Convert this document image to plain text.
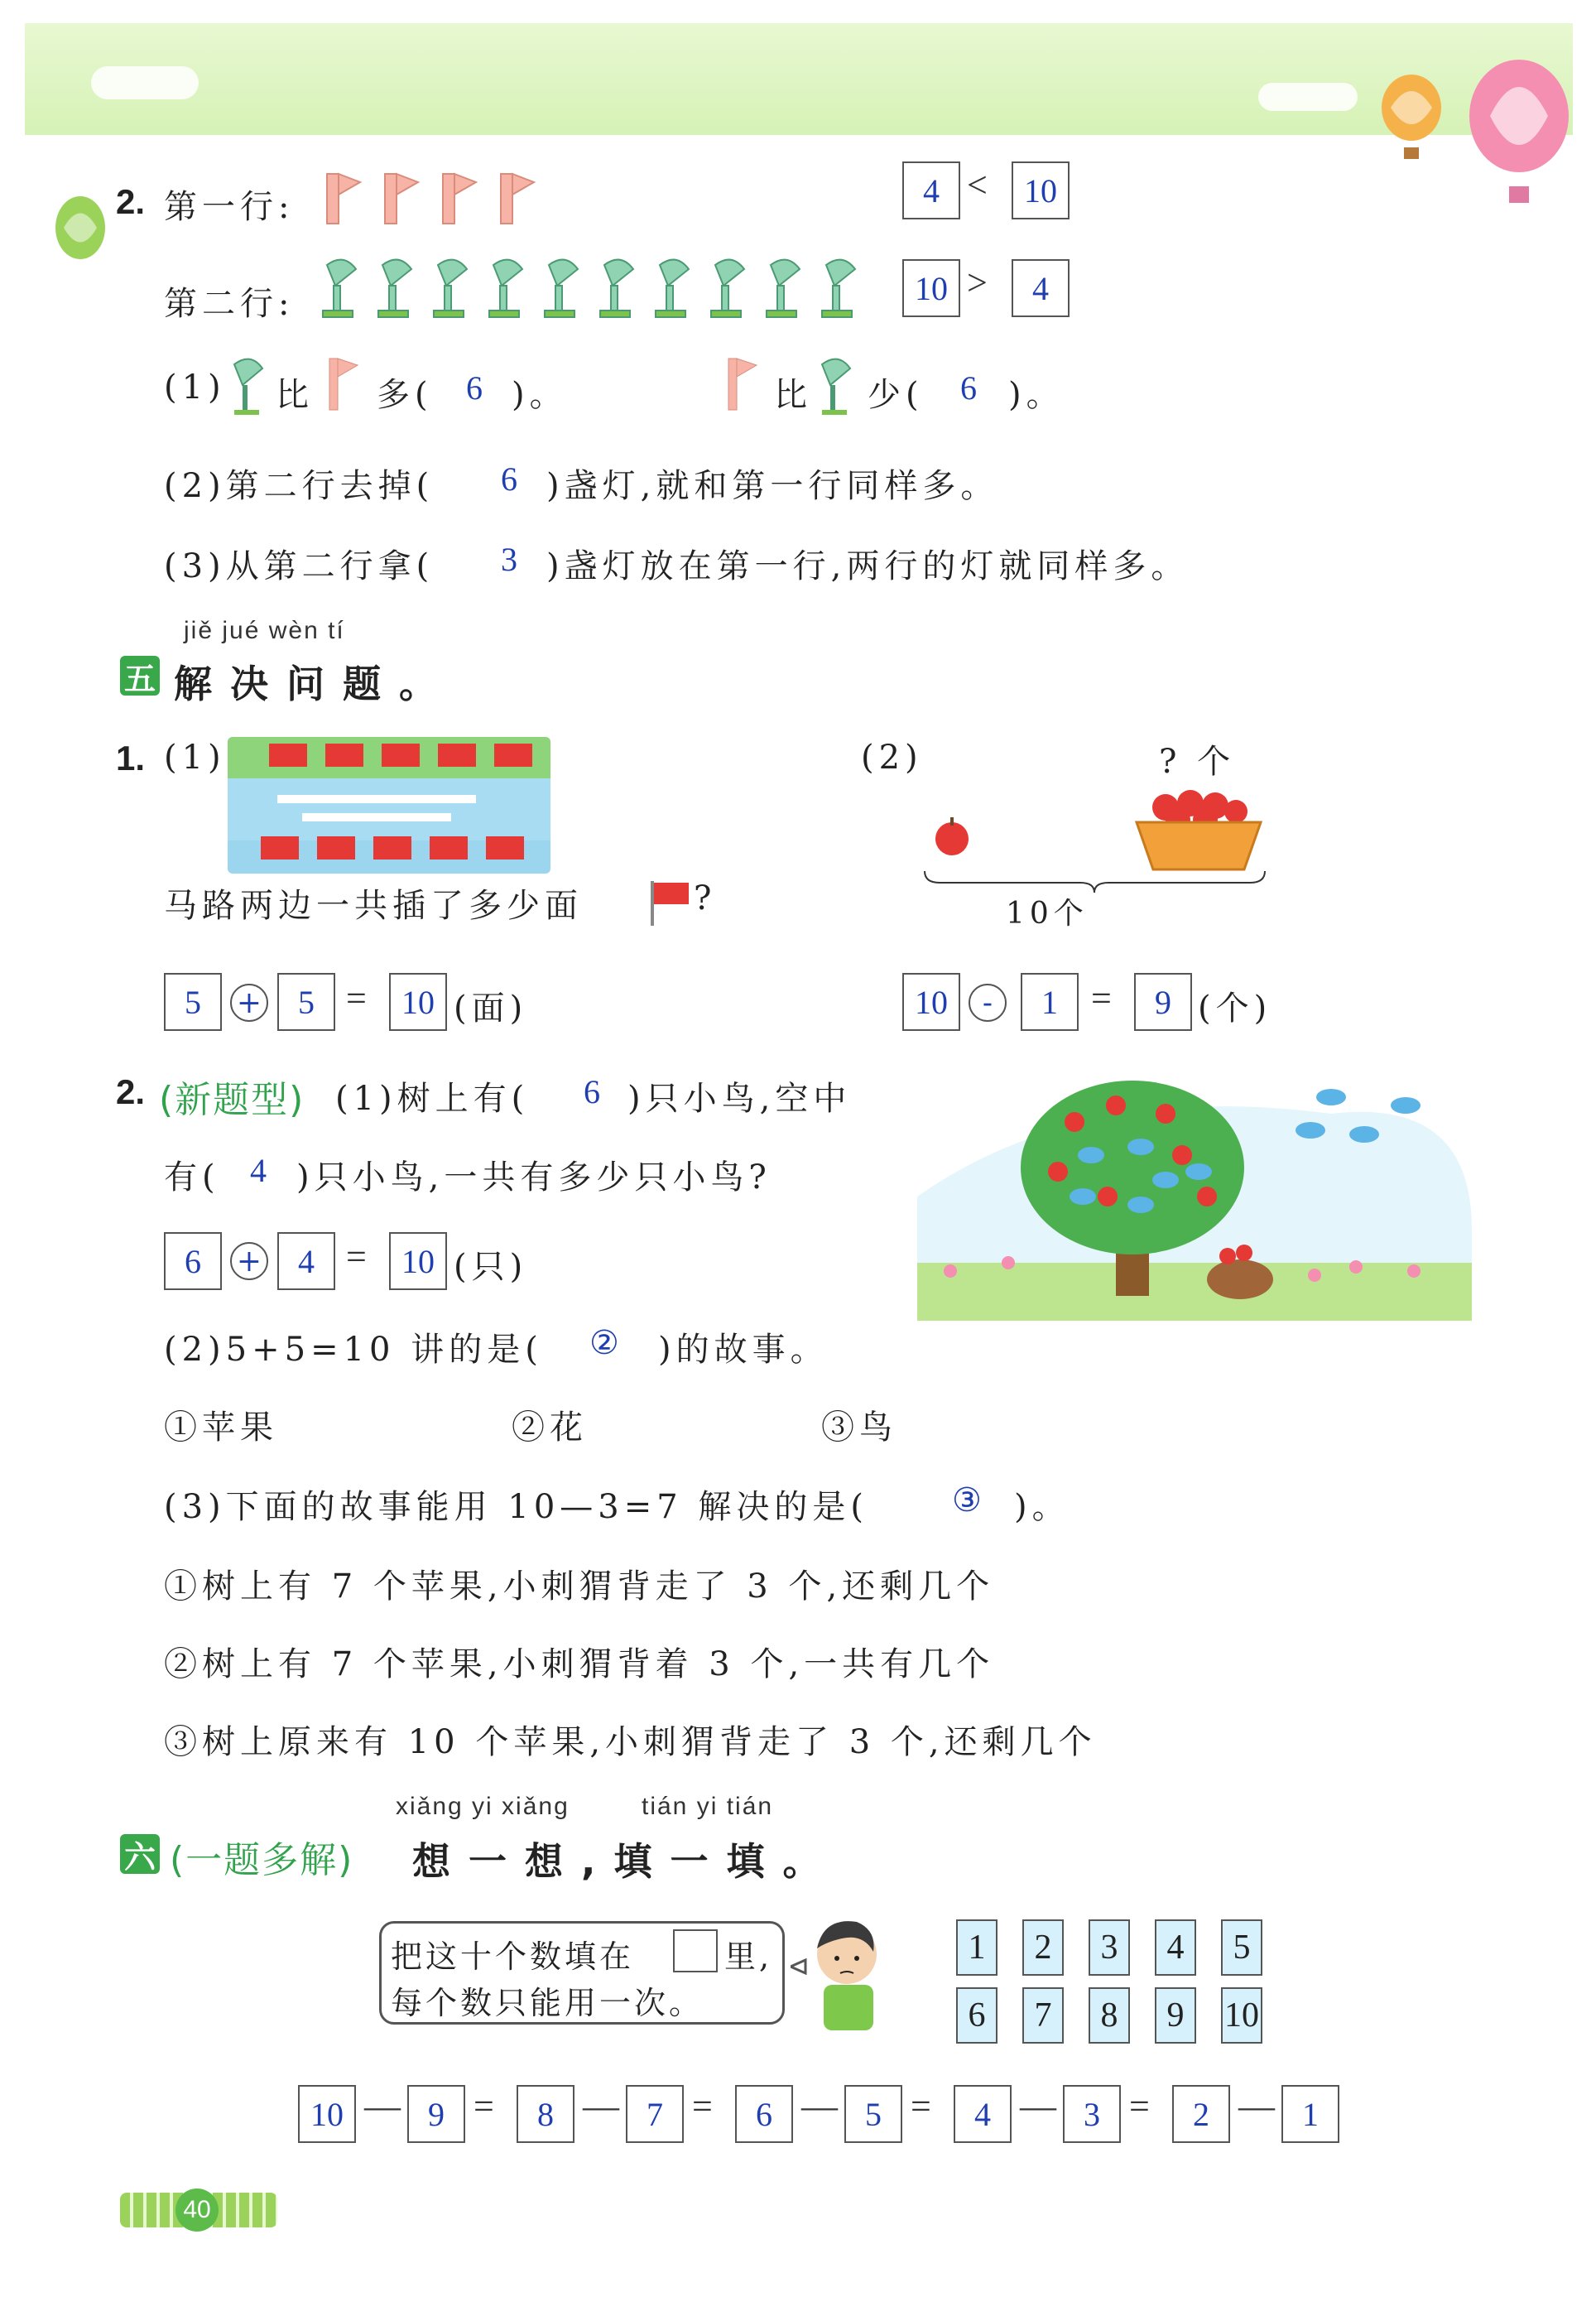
2. 第一行:
第二行:
4 <	10
10 >	4
(1) 比 多( 6 )。	比 少( 6 )。
(2)第二行去掉( 6 )盏灯,就和第一行同样多。
(3)从第二行拿( 3 )盏灯放在第一行,两行的灯就同样多。
jiě jué wèn tí
五 解决问题。
1. (1)
马路两边一共插了多少面	?
5	+	5 =	10 (面)
(2)	? 个
10个
10	-	1 =	9 (个)
2. (新题型) (1)树上有( 6 )只小鸟,空中
有( 4 )只小鸟,一共有多少只小鸟?
6	+	4 =	10 (只)
(2)5+5=10 讲的是( ② )的故事。
①苹果	②花	③鸟
(3)下面的故事能用 10—3=7 解决的是(	③ )。
①树上有 7 个苹果,小刺猬背走了 3 个,还剩几个
②树上有 7 个苹果,小刺猬背着 3 个,一共有几个
③树上原来有 10 个苹果,小刺猬背走了 3 个,还剩几个
xiǎng yi xiǎng	tián yi tián
六 (一题多解) 想一想,填一填。
把这十个数填在	里,
每个数只能用一次。
1	2	3	4	5
6	7	8	9	10
10 — 9 =	8 — 7 =	6 — 5 =	4 — 3 =	2 — 1
40
